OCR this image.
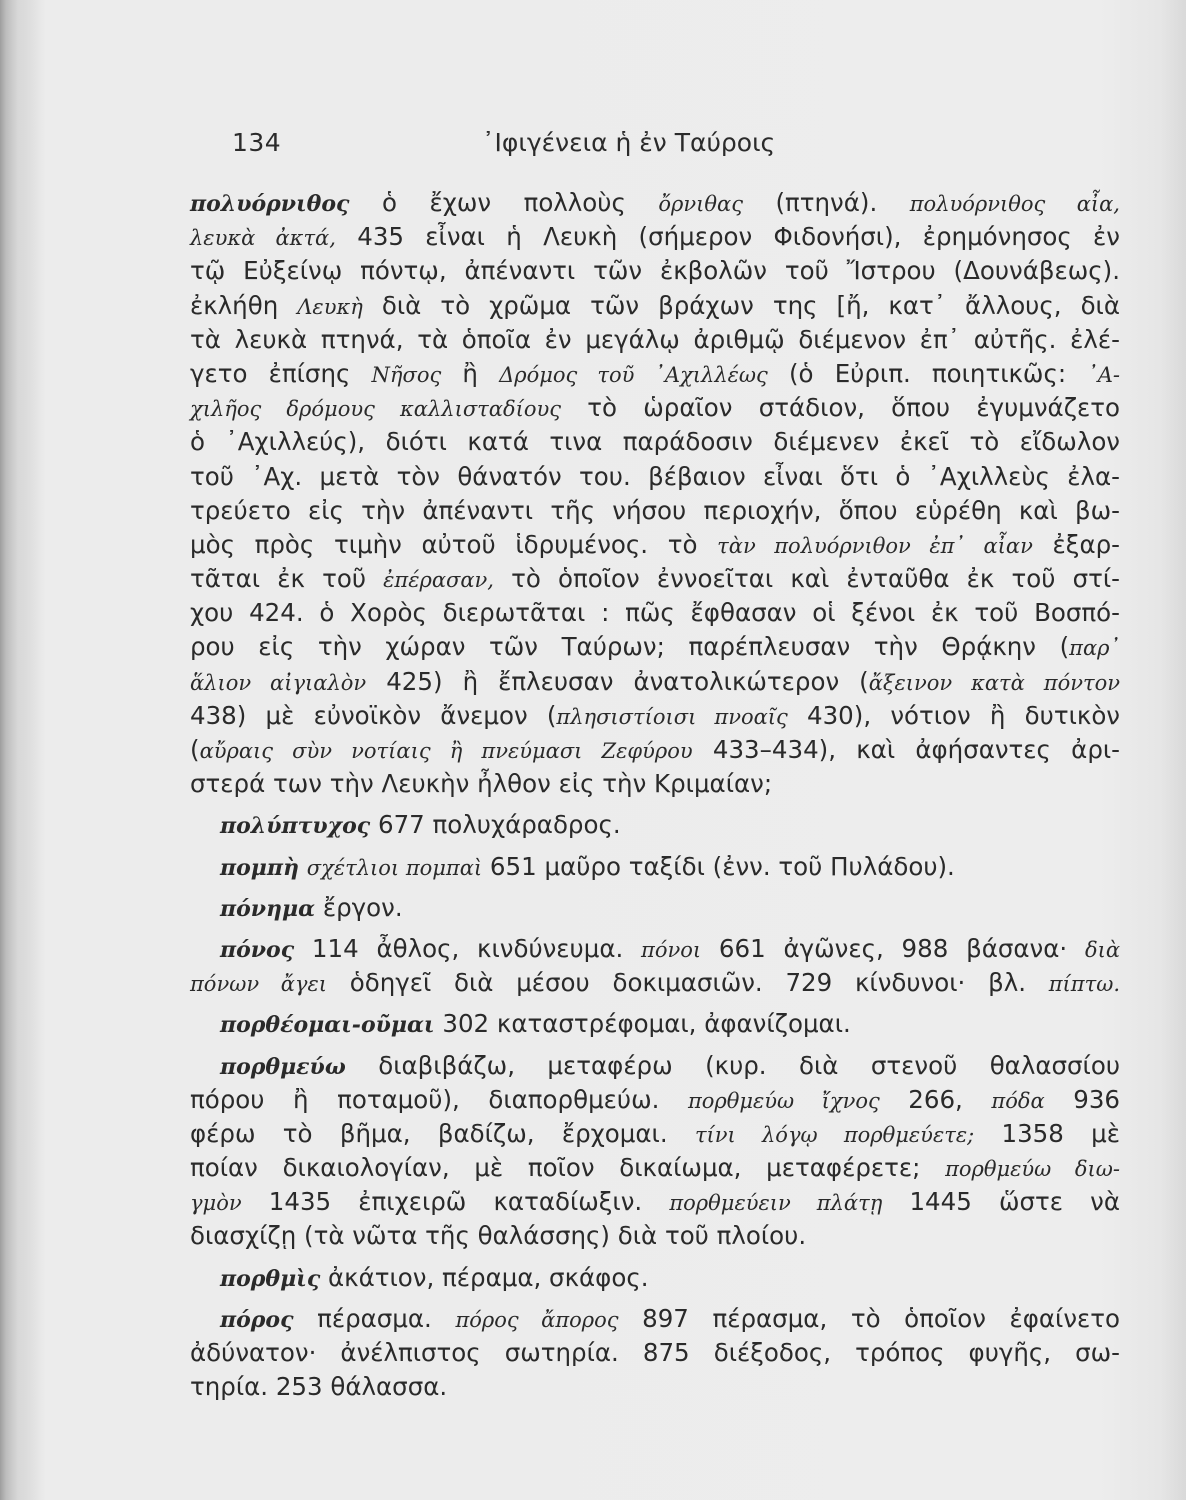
134	᾿Ιφιγένεια ἡ ἐν Ταύροις
πολυόρνιθος ὁ ἔχων πολλοὺς ὄρνιθας (πτηνά). πολυόρνιθος αἶα,
λευκὰ ἀκτά, 435 εἶναι ἡ Λευκὴ (σήμερον Φιδονήσι), ἐρημόνησος ἐν
τῷ Εὐξείνῳ πόντῳ, ἀπέναντι τῶν ἐκβολῶν τοῦ Ἴστρου (Δουνάβεως).
ἐκλήθη Λευκὴ διὰ τὸ χρῶμα τῶν βράχων της [ἤ, κατ᾿ ἄλλους, διὰ
τὰ λευκὰ πτηνά, τὰ ὁποῖα ἐν μεγάλῳ ἀριθμῷ διέμενον ἐπ᾿ αὐτῆς. ἐλέ-
γετο ἐπίσης Νῆσος ἢ Δρόμος τοῦ ᾿Αχιλλέως (ὁ Εὐριπ. ποιητικῶς: ᾿Α-
χιλῆος δρόμους καλλισταδίους τὸ ὡραῖον στάδιον, ὅπου ἐγυμνάζετο
ὁ ᾿Αχιλλεύς), διότι κατά τινα παράδοσιν διέμενεν ἐκεῖ τὸ εἴδωλον
τοῦ ᾿Αχ. μετὰ τὸν θάνατόν του. βέβαιον εἶναι ὅτι ὁ ᾿Αχιλλεὺς ἐλα-
τρεύετο εἰς τὴν ἀπέναντι τῆς νήσου περιοχήν, ὅπου εὑρέθη καὶ βω-
μὸς πρὸς τιμὴν αὐτοῦ ἱδρυμένος. τὸ τὰν πολυόρνιθον ἐπ᾿ αἶαν ἐξαρ-
τᾶται ἐκ τοῦ ἐπέρασαν, τὸ ὁποῖον ἐννοεῖται καὶ ἐνταῦθα ἐκ τοῦ στί-
χου 424. ὁ Χορὸς διερωτᾶται : πῶς ἔφθασαν οἱ ξένοι ἐκ τοῦ Βοσπό-
ρου εἰς τὴν χώραν τῶν Ταύρων; παρέπλευσαν τὴν Θρᾴκην (παρ᾿
ἅλιον αἰγιαλὸν 425) ἢ ἔπλευσαν ἀνατολικώτερον (ἄξεινον κατὰ πόντον
438) μὲ εὐνοϊκὸν ἄνεμον (πλησιστίοισι πνοαῖς 430), νότιον ἢ δυτικὸν
(αὔραις σὺν νοτίαις ἢ πνεύμασι Ζεφύρου 433–434), καὶ ἀφήσαντες ἀρι-
στερά των τὴν Λευκὴν ἦλθον εἰς τὴν Κριμαίαν;
πολύπτυχος 677 πολυχάραδρος.
πομπὴ σχέτλιοι πομπαὶ 651 μαῦρο ταξίδι (ἐνν. τοῦ Πυλάδου).
πόνημα ἔργον.
πόνος 114 ἆθλος, κινδύνευμα. πόνοι 661 ἀγῶνες, 988 βάσανα· διὰ
πόνων ἄγει ὁδηγεῖ διὰ μέσου δοκιμασιῶν. 729 κίνδυνοι· βλ. πίπτω.
πορθέομαι-οῦμαι 302 καταστρέφομαι, ἀφανίζομαι.
πορθμεύω διαβιβάζω, μεταφέρω (κυρ. διὰ στενοῦ θαλασσίου
πόρου ἢ ποταμοῦ), διαπορθμεύω. πορθμεύω ἴχνος 266, πόδα 936
φέρω τὸ βῆμα, βαδίζω, ἔρχομαι. τίνι λόγῳ πορθμεύετε; 1358 μὲ
ποίαν δικαιολογίαν, μὲ ποῖον δικαίωμα, μεταφέρετε; πορθμεύω διω-
γμὸν 1435 ἐπιχειρῶ καταδίωξιν. πορθμεύειν πλάτῃ 1445 ὥστε νὰ
διασχίζῃ (τὰ νῶτα τῆς θαλάσσης) διὰ τοῦ πλοίου.
πορθμὶς ἀκάτιον, πέραμα, σκάφος.
πόρος πέρασμα. πόρος ἄπορος 897 πέρασμα, τὸ ὁποῖον ἐφαίνετο
ἀδύνατον· ἀνέλπιστος σωτηρία. 875 διέξοδος, τρόπος φυγῆς, σω-
τηρία. 253 θάλασσα.
